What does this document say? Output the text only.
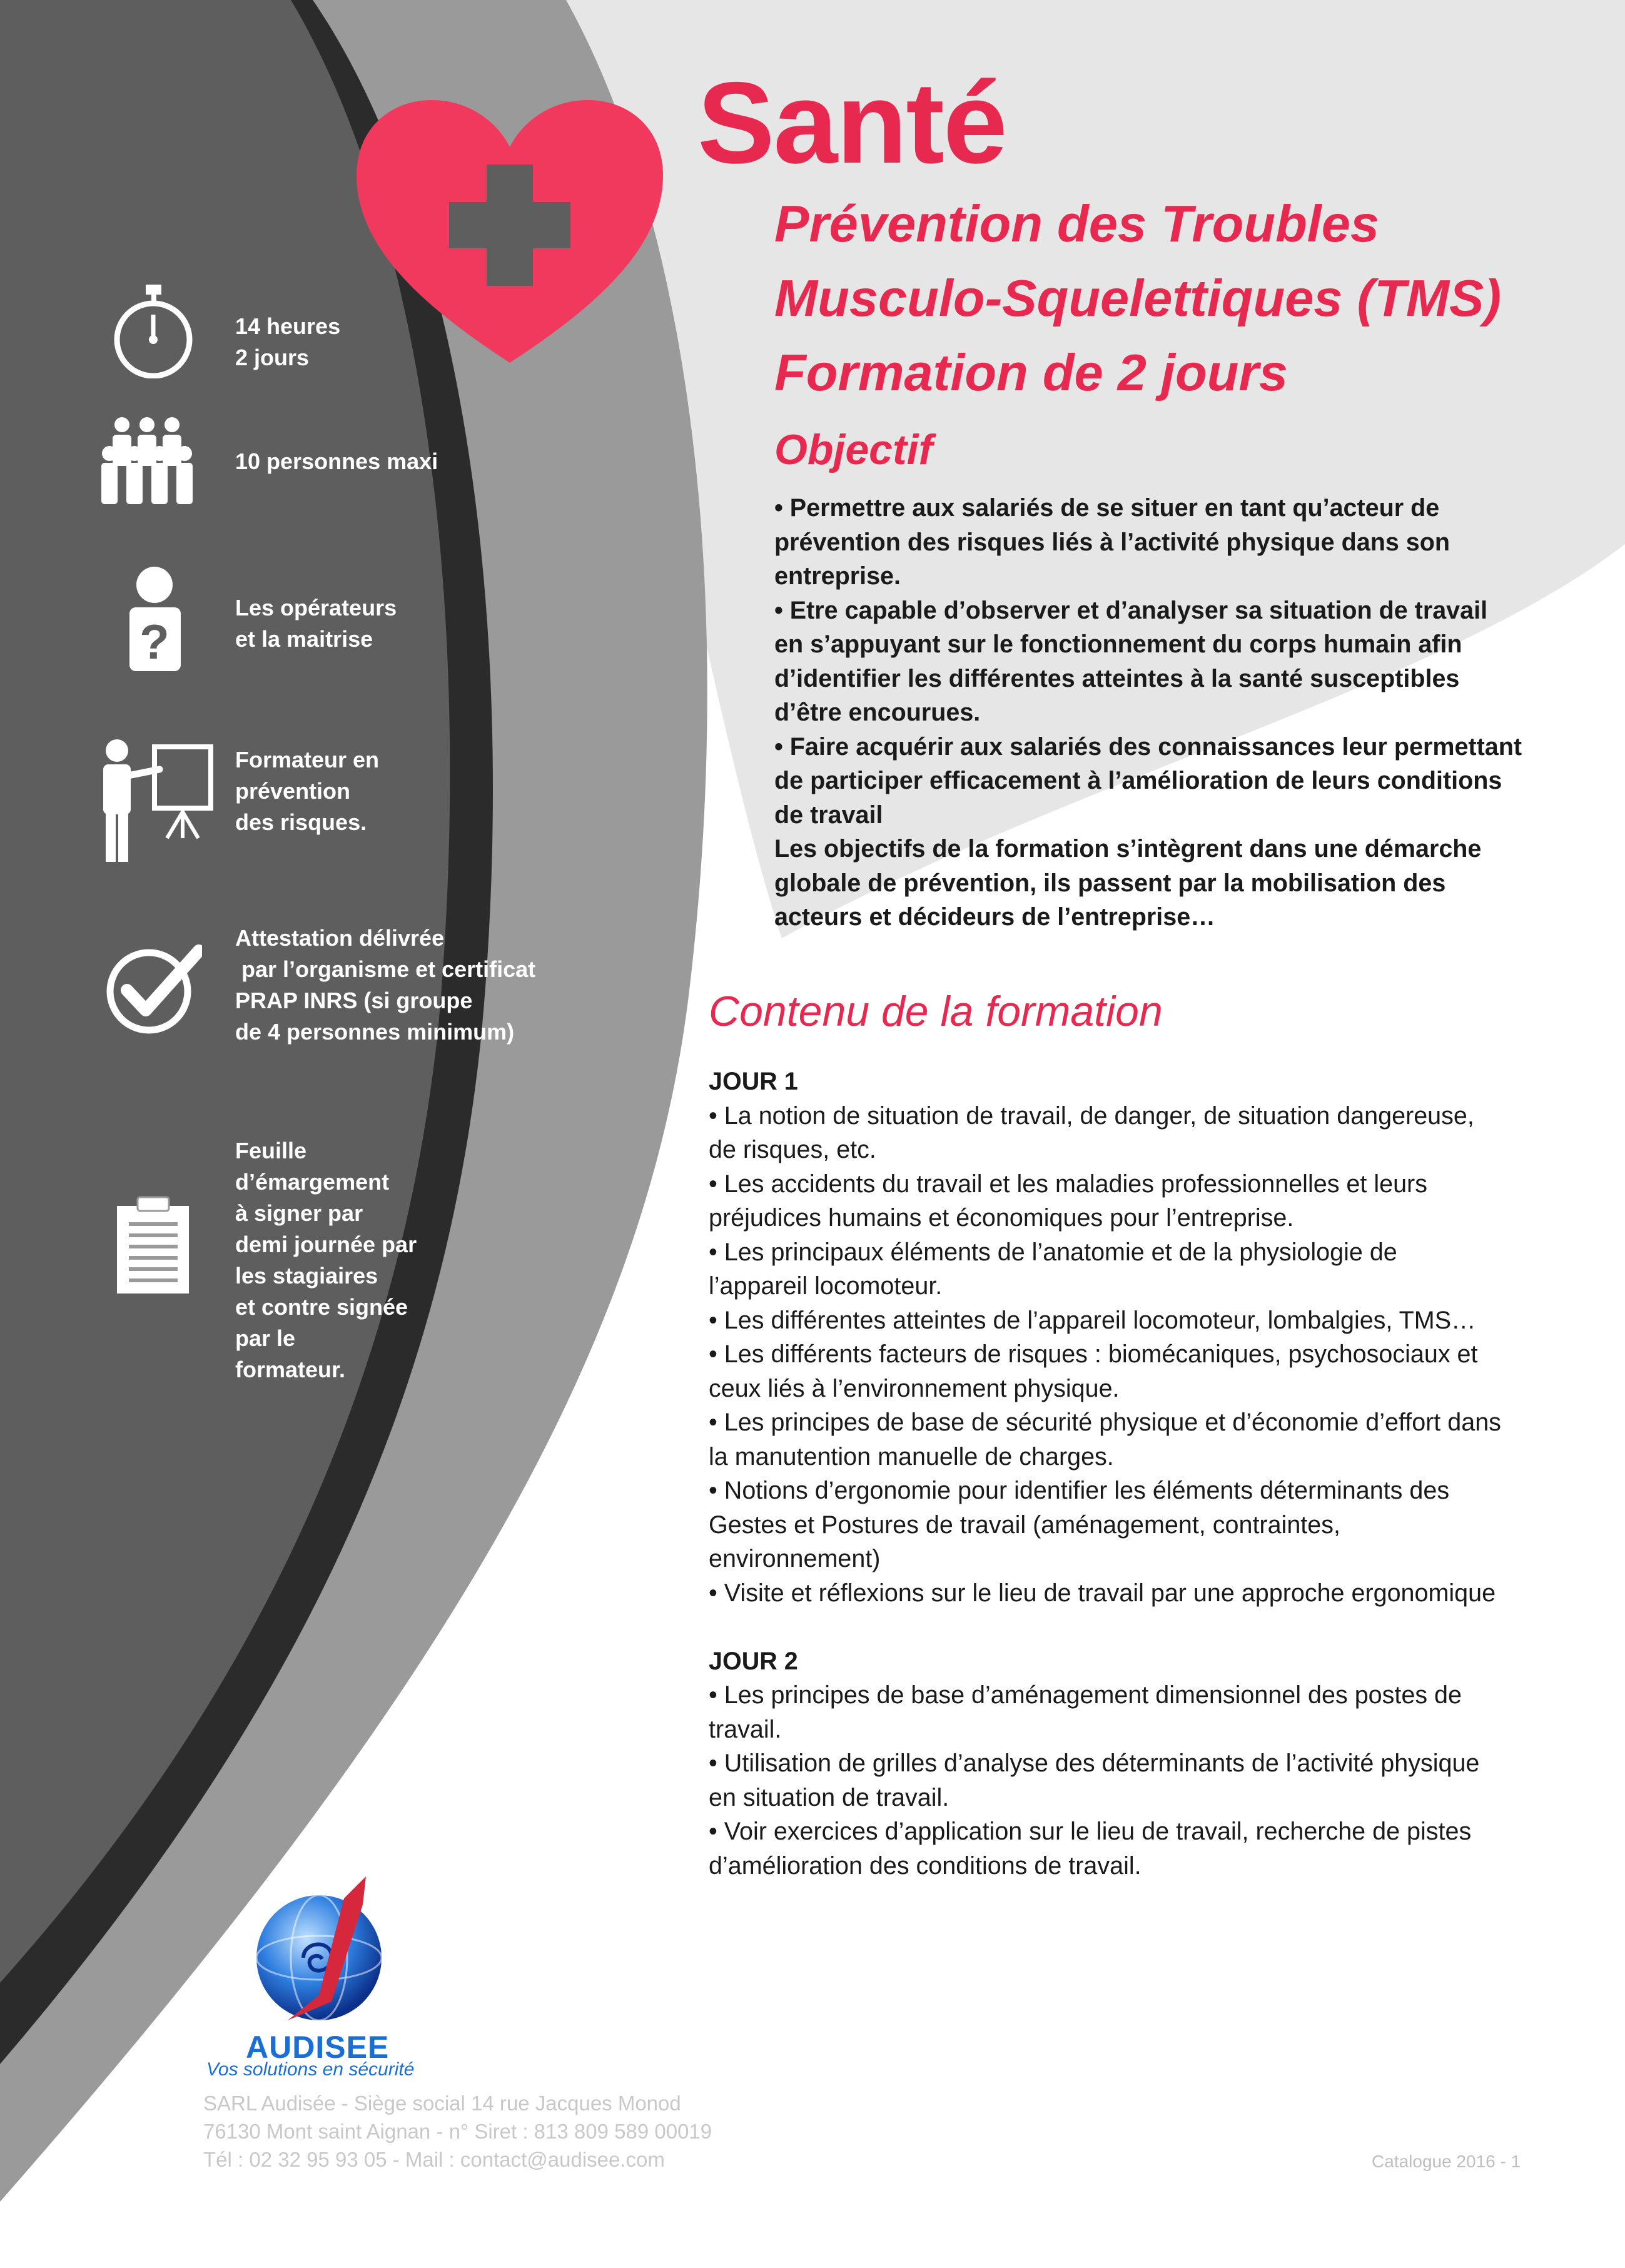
Santé
Prévention des Troubles
Musculo-Squelettiques (TMS)
Formation de 2 jours
14 heures
2 jours
10 personnes maxi
?
Les opérateurs
et la maitrise
Formateur en
prévention
des risques.
Attestation délivrée
par l’organisme et certificat
PRAP INRS (si groupe
de 4 personnes minimum)
Feuille
d’émargement
à signer par
demi journée par
les stagiaires
et contre signée
par le
formateur.
Objectif
• Permettre aux salariés de se situer en tant qu’acteur de
prévention des risques liés à l’activité physique dans son
entreprise.
• Etre capable d’observer et d’analyser sa situation de travail
en s’appuyant sur le fonctionnement du corps humain afin
d’identifier les différentes atteintes à la santé susceptibles
d’être encourues.
• Faire acquérir aux salariés des connaissances leur permettant
de participer efficacement à l’amélioration de leurs conditions
de travail
Les objectifs de la formation s’intègrent dans une démarche
globale de prévention, ils passent par la mobilisation des
acteurs et décideurs de l’entreprise…
Contenu de la formation
JOUR 1
• La notion de situation de travail, de danger, de situation dangereuse,
de risques, etc.
• Les accidents du travail et les maladies professionnelles et leurs
préjudices humains et économiques pour l’entreprise.
• Les principaux éléments de l’anatomie et de la physiologie de
l’appareil locomoteur.
• Les différentes atteintes de l’appareil locomoteur, lombalgies, TMS…
• Les différents facteurs de risques : biomécaniques, psychosociaux et
ceux liés à l’environnement physique.
• Les principes de base de sécurité physique et d’économie d’effort dans
la manutention manuelle de charges.
• Notions d’ergonomie pour identifier les éléments déterminants des
Gestes et Postures de travail (aménagement, contraintes,
environnement)
• Visite et réflexions sur le lieu de travail par une approche ergonomique
JOUR 2
• Les principes de base d’aménagement dimensionnel des postes de
travail.
• Utilisation de grilles d’analyse des déterminants de l’activité physique
en situation de travail.
• Voir exercices d’application sur le lieu de travail, recherche de pistes
d’amélioration des conditions de travail.
AUDISEE
Vos solutions en sécurité
SARL Audisée - Siège social 14 rue Jacques Monod
76130 Mont saint Aignan - n° Siret : 813 809 589 00019
Tél : 02 32 95 93 05 - Mail : contact@audisee.com	Catalogue 2016 - 1
